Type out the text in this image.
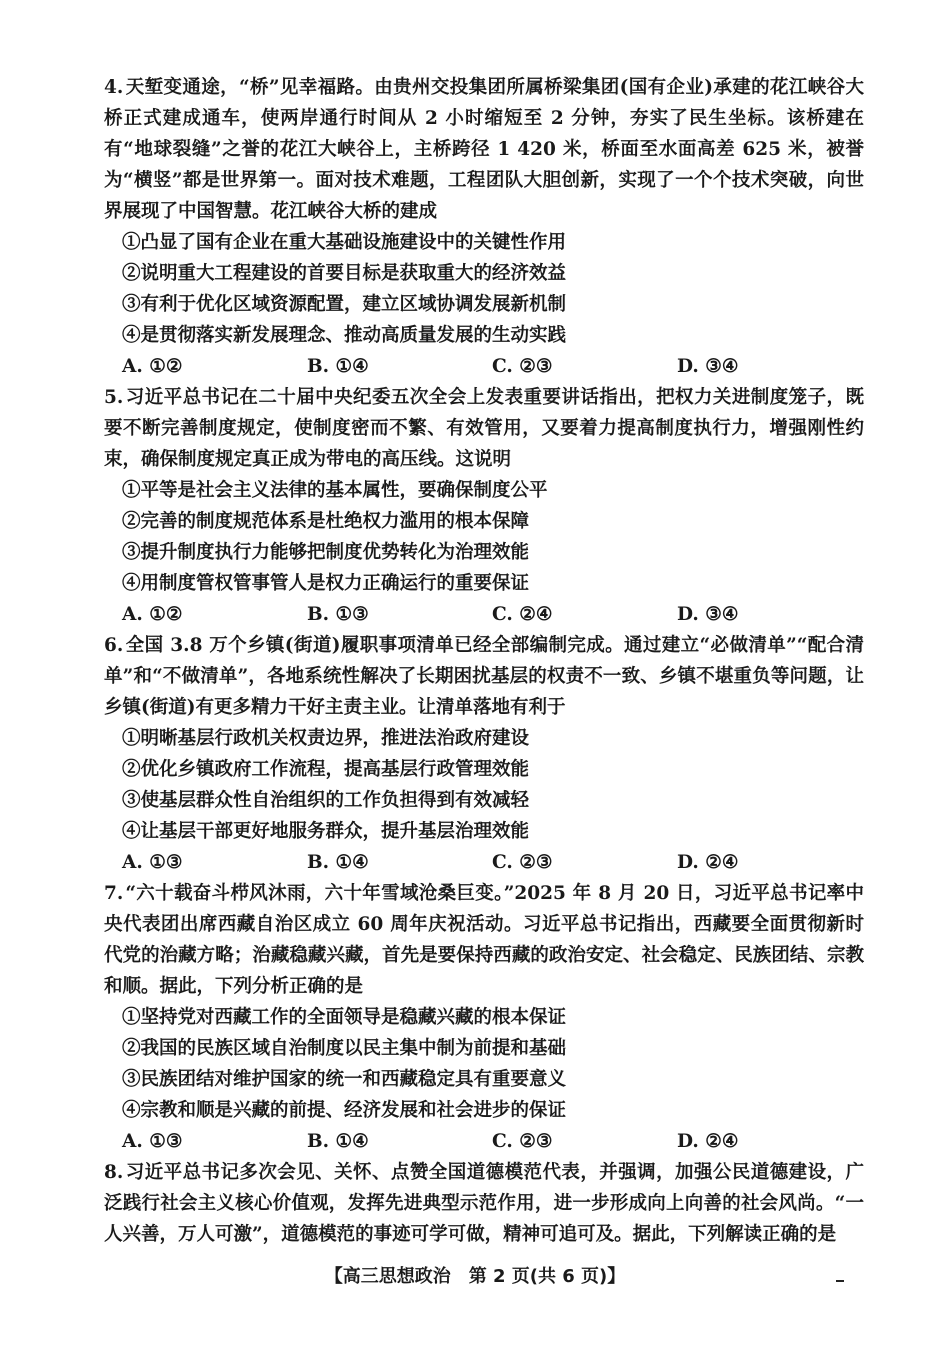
4. 天堑变通途，“桥”见幸福路。由贵州交投集团所属桥梁集团(国有企业)承建的花江峡谷大桥正式建成通车，使两岸通行时间从 2 小时缩短至 2 分钟，夯实了民生坐标。该桥建在有“地球裂缝”之誉的花江大峡谷上，主桥跨径 1 420 米，桥面至水面高差 625 米，被誉为“横竖”都是世界第一。面对技术难题，工程团队大胆创新，实现了一个个技术突破，向世界展现了中国智慧。花江峡谷大桥的建成

①凸显了国有企业在重大基础设施建设中的关键性作用

②说明重大工程建设的首要目标是获取重大的经济效益

③有利于优化区域资源配置，建立区域协调发展新机制

④是贯彻落实新发展理念、推动高质量发展的生动实践

A. ①②	B. ①④	C. ②③	D. ③④

5. 习近平总书记在二十届中央纪委五次全会上发表重要讲话指出，把权力关进制度笼子，既要不断完善制度规定，使制度密而不繁、有效管用，又要着力提高制度执行力，增强刚性约束，确保制度规定真正成为带电的高压线。这说明

①平等是社会主义法律的基本属性，要确保制度公平

②完善的制度规范体系是杜绝权力滥用的根本保障

③提升制度执行力能够把制度优势转化为治理效能

④用制度管权管事管人是权力正确运行的重要保证

A. ①②	B. ①③	C. ②④	D. ③④

6. 全国 3.8 万个乡镇(街道)履职事项清单已经全部编制完成。通过建立“必做清单”“配合清单”和“不做清单”，各地系统性解决了长期困扰基层的权责不一致、乡镇不堪重负等问题，让乡镇(街道)有更多精力干好主责主业。让清单落地有利于

①明晰基层行政机关权责边界，推进法治政府建设

②优化乡镇政府工作流程，提高基层行政管理效能

③使基层群众性自治组织的工作负担得到有效减轻

④让基层干部更好地服务群众，提升基层治理效能

A. ①③	B. ①④	C. ②③	D. ②④

7. “六十载奋斗栉风沐雨，六十年雪域沧桑巨变。”2025 年 8 月 20 日，习近平总书记率中央代表团出席西藏自治区成立 60 周年庆祝活动。习近平总书记指出，西藏要全面贯彻新时代党的治藏方略；治藏稳藏兴藏，首先是要保持西藏的政治安定、社会稳定、民族团结、宗教和顺。据此，下列分析正确的是

①坚持党对西藏工作的全面领导是稳藏兴藏的根本保证

②我国的民族区域自治制度以民主集中制为前提和基础

③民族团结对维护国家的统一和西藏稳定具有重要意义

④宗教和顺是兴藏的前提、经济发展和社会进步的保证

A. ①③	B. ①④	C. ②③	D. ②④

8. 习近平总书记多次会见、关怀、点赞全国道德模范代表，并强调，加强公民道德建设，广泛践行社会主义核心价值观，发挥先进典型示范作用，进一步形成向上向善的社会风尚。“一人兴善，万人可激”，道德模范的事迹可学可做，精神可追可及。据此，下列解读正确的是

【高三思想政治　第 2 页(共 6 页)】
